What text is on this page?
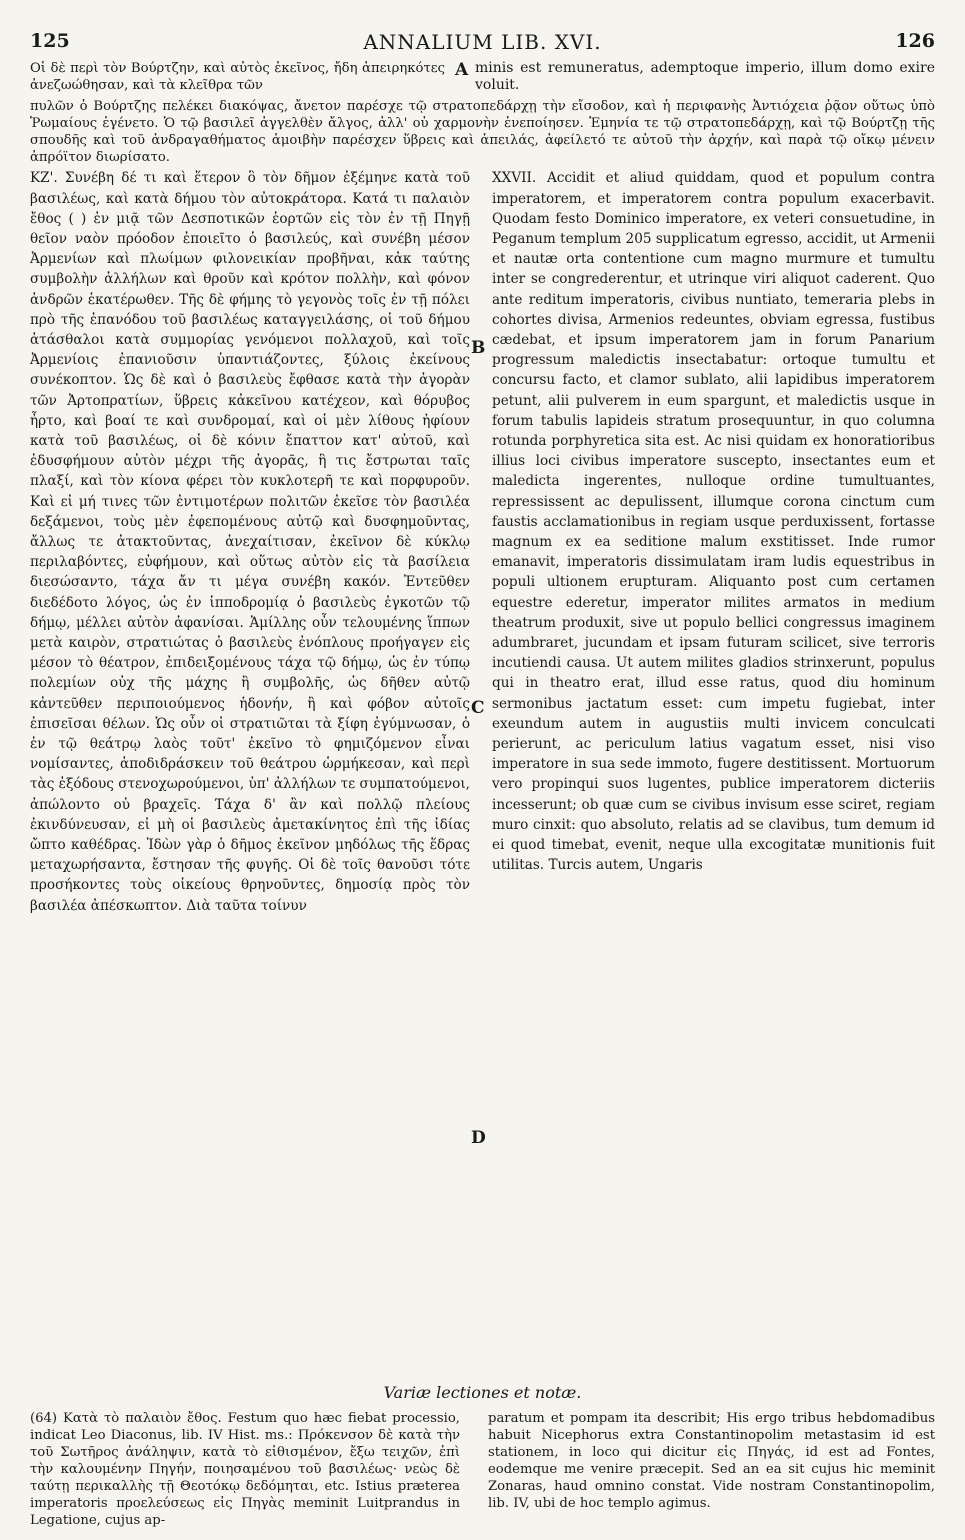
125	ANNALIUM LIB. XVI.	126

Οἱ δὲ περὶ τὸν Βούρτζην, καὶ αὐτὸς ἐκεῖνος, ἤδη ἀπειρηκότες ἀνεζωώθησαν, καὶ τὰ κλεῖθρα τῶν

A minis est remuneratus, ademptoque imperio, illum domo exire voluit.

πυλῶν ὁ Βούρτζης πελέκει διακόψας, ἄνετον παρέσχε τῷ στρατοπεδάρχῃ τὴν εἴσοδον, καὶ ἡ περιφανὴς Ἀντιόχεια ῥᾷον οὕτως ὑπὸ Ῥωμαίους ἐγένετο. Ὁ τῷ βασιλεῖ ἀγγελθὲν ἄλγος, ἀλλ' οὐ χαρμονὴν ἐνεποίησεν. Ἐμηνία τε τῷ στρατοπεδάρχῃ, καὶ τῷ Βούρτζῃ τῆς σπουδῆς καὶ τοῦ ἀνδραγαθήματος ἀμοιβὴν παρέσχεν ὕβρεις καὶ ἀπειλάς, ἀφείλετό τε αὐτοῦ τὴν ἀρχήν, καὶ παρὰ τῷ οἴκῳ μένειν ἀπρόϊτον διωρίσατο.

ΚΖ'. Συνέβη δέ τι καὶ ἕτερον ὃ τὸν δῆμον ἐξέμηνε κατὰ τοῦ βασιλέως, καὶ κατὰ δήμου τὸν αὐτοκράτορα. Κατά τι παλαιὸν ἔθος ( ) ἐν μιᾷ τῶν Δεσποτικῶν ἑορτῶν εἰς τὸν ἐν τῇ Πηγῇ θεῖον ναὸν πρόοδον ἐποιεῖτο ὁ βασιλεύς, καὶ συνέβη μέσον Ἀρμενίων καὶ πλωίμων φιλονεικίαν προβῆναι, κἀκ ταύτης συμβολὴν ἀλλήλων καὶ θροῦν καὶ κρότον πολλὴν, καὶ φόνον ἀνδρῶν ἑκατέρωθεν. Τῆς δὲ φήμης τὸ γεγονὸς τοῖς ἐν τῇ πόλει πρὸ τῆς ἐπανόδου τοῦ βασιλέως καταγγειλάσης, οἱ τοῦ δήμου ἀτάσθαλοι κατὰ συμμορίας γενόμενοι πολλαχοῦ, καὶ τοῖς Ἀρμενίοις ἐπανιοῦσιν ὑπαντιάζοντες, ξύλοις ἐκείνους συνέκοπτον. Ὡς δὲ καὶ ὁ βασιλεὺς ἔφθασε κατὰ τὴν ἀγορὰν τῶν Ἀρτοπρατίων, ὕβρεις κἀκεῖνου κατέχεον, καὶ θόρυβος ἦρτο, καὶ βοαί τε καὶ συνδρομαί, καὶ οἱ μὲν λίθους ἠφίουν κατὰ τοῦ βασιλέως, οἱ δὲ κόνιν ἔπαττον κατ' αὐτοῦ, καὶ ἐδυσφήμουν αὐτὸν μέχρι τῆς ἀγορᾶς, ἣ τις ἔστρωται ταῖς πλαξί, καὶ τὸν κίονα φέρει τὸν κυκλοτερῆ τε καὶ πορφυροῦν. Καὶ εἰ μή τινες τῶν ἐντιμοτέρων πολιτῶν ἐκεῖσε τὸν βασιλέα δεξάμενοι, τοὺς μὲν ἐφεπομένους αὐτῷ καὶ δυσφημοῦντας, ἄλλως τε ἀτακτοῦντας, ἀνεχαίτισαν, ἐκεῖνον δὲ κύκλῳ περιλαβόντες, εὐφήμουν, καὶ οὕτως αὐτὸν εἰς τὰ βασίλεια διεσώσαντο, τάχα ἄν τι μέγα συνέβη κακόν. Ἐντεῦθεν διεδέδοτο λόγος, ὡς ἐν ἱπποδρομίᾳ ὁ βασιλεὺς ἐγκοτῶν τῷ δήμῳ, μέλλει αὐτὸν ἀφανίσαι. Ἁμίλλης οὖν τελουμένης ἵππων μετὰ καιρὸν, στρατιώτας ὁ βασιλεὺς ἐνόπλους προήγαγεν εἰς μέσον τὸ θέατρον, ἐπιδειξομένους τάχα τῷ δήμῳ, ὡς ἐν τύπῳ πολεμίων οὐχ τῆς μάχης ἢ συμβολῆς, ὡς δῆθεν αὐτῷ κἀντεῦθεν περιποιούμενος ἡδονήν, ἢ καὶ φόβον αὐτοῖς ἐπισεῖσαι θέλων. Ὡς οὖν οἱ στρατιῶται τὰ ξίφη ἐγύμνωσαν, ὁ ἐν τῷ θεάτρῳ λαὸς τοῦτ' ἐκεῖνο τὸ φημιζόμενον εἶναι νομίσαντες, ἀποδιδράσκειν τοῦ θεάτρου ὡρμήκεσαν, καὶ περὶ τὰς ἐξόδους στενοχωρούμενοι, ὑπ' ἀλλήλων τε συμπατούμενοι, ἀπώλοντο οὐ βραχεῖς. Τάχα δ' ἂν καὶ πολλῷ πλείους ἐκινδύνευσαν, εἰ μὴ οἱ βασιλεὺς ἀμετακίνητος ἐπὶ τῆς ἰδίας ὤπτο καθέδρας. Ἰδὼν γὰρ ὁ δῆμος ἐκεῖνον μηδόλως τῆς ἕδρας μεταχωρήσαντα, ἔστησαν τῆς φυγῆς. Οἱ δὲ τοῖς θανοῦσι τότε προσήκοντες τοὺς οἰκείους θρηνοῦντες, δημοσίᾳ πρὸς τὸν βασιλέα ἀπέσκωπτον. Διὰ ταῦτα τοίνυν

B
C
D

XXVII. Accidit et aliud quiddam, quod et populum contra imperatorem, et imperatorem contra populum exacerbavit. Quodam festo Dominico imperatore, ex veteri consuetudine, in Peganum templum 205 supplicatum egresso, accidit, ut Armenii et nautæ orta contentione cum magno murmure et tumultu inter se congrederentur, et utrinque viri aliquot caderent. Quo ante reditum imperatoris, civibus nuntiato, temeraria plebs in cohortes divisa, Armenios redeuntes, obviam egressa, fustibus cædebat, et ipsum imperatorem jam in forum Panarium progressum maledictis insectabatur: ortoque tumultu et concursu facto, et clamor sublato, alii lapidibus imperatorem petunt, alii pulverem in eum spargunt, et maledictis usque in forum tabulis lapideis stratum prosequuntur, in quo columna rotunda porphyretica sita est. Ac nisi quidam ex honoratioribus illius loci civibus imperatore suscepto, insectantes eum et maledicta ingerentes, nulloque ordine tumultuantes, repressissent ac depulissent, illumque corona cinctum cum faustis acclamationibus in regiam usque perduxissent, fortasse magnum ex ea seditione malum exstitisset. Inde rumor emanavit, imperatoris dissimulatam iram ludis equestribus in populi ultionem erupturam. Aliquanto post cum certamen equestre ederetur, imperator milites armatos in medium theatrum produxit, sive ut populo bellici congressus imaginem adumbraret, jucundam et ipsam futuram scilicet, sive terroris incutiendi causa. Ut autem milites gladios strinxerunt, populus qui in theatro erat, illud esse ratus, quod diu hominum sermonibus jactatum esset: cum impetu fugiebat, inter exeundum autem in augustiis multi invicem conculcati perierunt, ac periculum latius vagatum esset, nisi viso imperatore in sua sede immoto, fugere destitissent. Mortuorum vero propinqui suos lugentes, publice imperatorem dicteriis incesserunt; ob quæ cum se civibus invisum esse sciret, regiam muro cinxit: quo absoluto, relatis ad se clavibus, tum demum id ei quod timebat, evenit, neque ulla excogitatæ munitionis fuit utilitas. Turcis autem, Ungaris

Variæ lectiones et notæ.

(64) Κατὰ τὸ παλαιὸν ἔθος. Festum quo hæc fiebat processio, indicat Leo Diaconus, lib. IV Hist. ms.: Πρόκενσον δὲ κατὰ τὴν τοῦ Σωτῆρος ἀνάληψιν, κατὰ τὸ εἰθισμένον, ἔξω τειχῶν, ἐπὶ τὴν καλουμένην Πηγήν, ποιησαμένου τοῦ βασιλέως· νεὼς δὲ ταύτῃ περικαλλὴς τῇ Θεοτόκῳ δεδόμηται, etc. Istius præterea imperatoris προελεύσεως εἰς Πηγὰς meminit Luitprandus in Legatione, cujus ap-

paratum et pompam ita describit; His ergo tribus hebdomadibus habuit Nicephorus extra Constantinopolim metastasim id est stationem, in loco qui dicitur εἰς Πηγάς, id est ad Fontes, eodemque me venire præcepit. Sed an ea sit cujus hic meminit Zonaras, haud omnino constat. Vide nostram Constantinopolim, lib. IV, ubi de hoc templo agimus.
